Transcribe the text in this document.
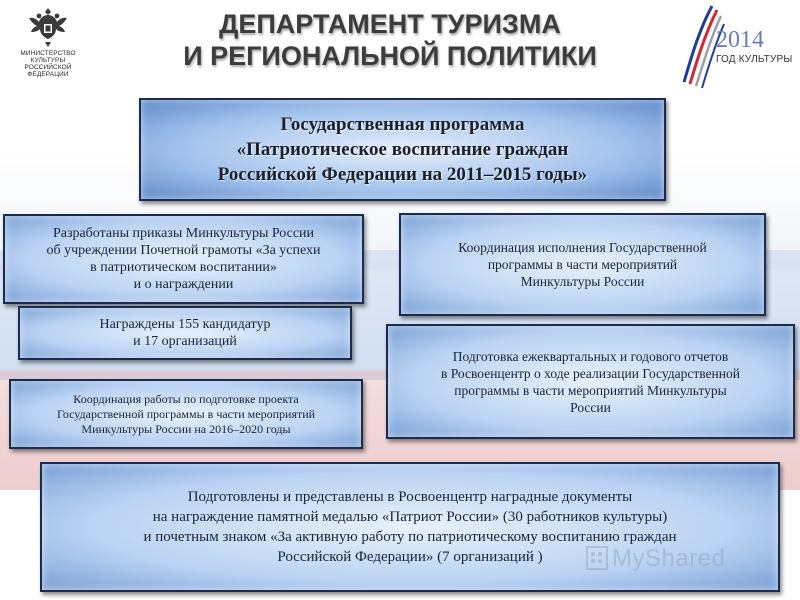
МИНИСТЕРСТВО КУЛЬТУРЫ
РОССИЙСКОЙ ФЕДЕРАЦИИ
ДЕПАРТАМЕНТ ТУРИЗМА
И РЕГИОНАЛЬНОЙ ПОЛИТИКИ
2014
ГОД КУЛЬТУРЫ
Государственная программа
«Патриотическое воспитание граждан
Российской Федерации на 2011–2015 годы»
Разработаны приказы Минкультуры России
об учреждении Почетной грамоты «За успехи
в патриотическом воспитании»
и о награждении
Награждены 155 кандидатур
и 17 организаций
Координация работы по подготовке проекта
Государственной программы в части мероприятий
Минкультуры России на 2016–2020 годы
Координация исполнения Государственной
программы в части мероприятий
Минкультуры России
Подготовка ежеквартальных и годового отчетов
в Росвоенцентр о ходе реализации Государственной
программы в части мероприятий Минкультуры
России
Подготовлены и представлены в Росвоенцентр наградные документы
на награждение памятной медалью «Патриот России» (30 работников культуры)
и почетным знаком «За активную работу по патриотическому воспитанию граждан
Российской Федерации» (7 организаций )	MyShared
